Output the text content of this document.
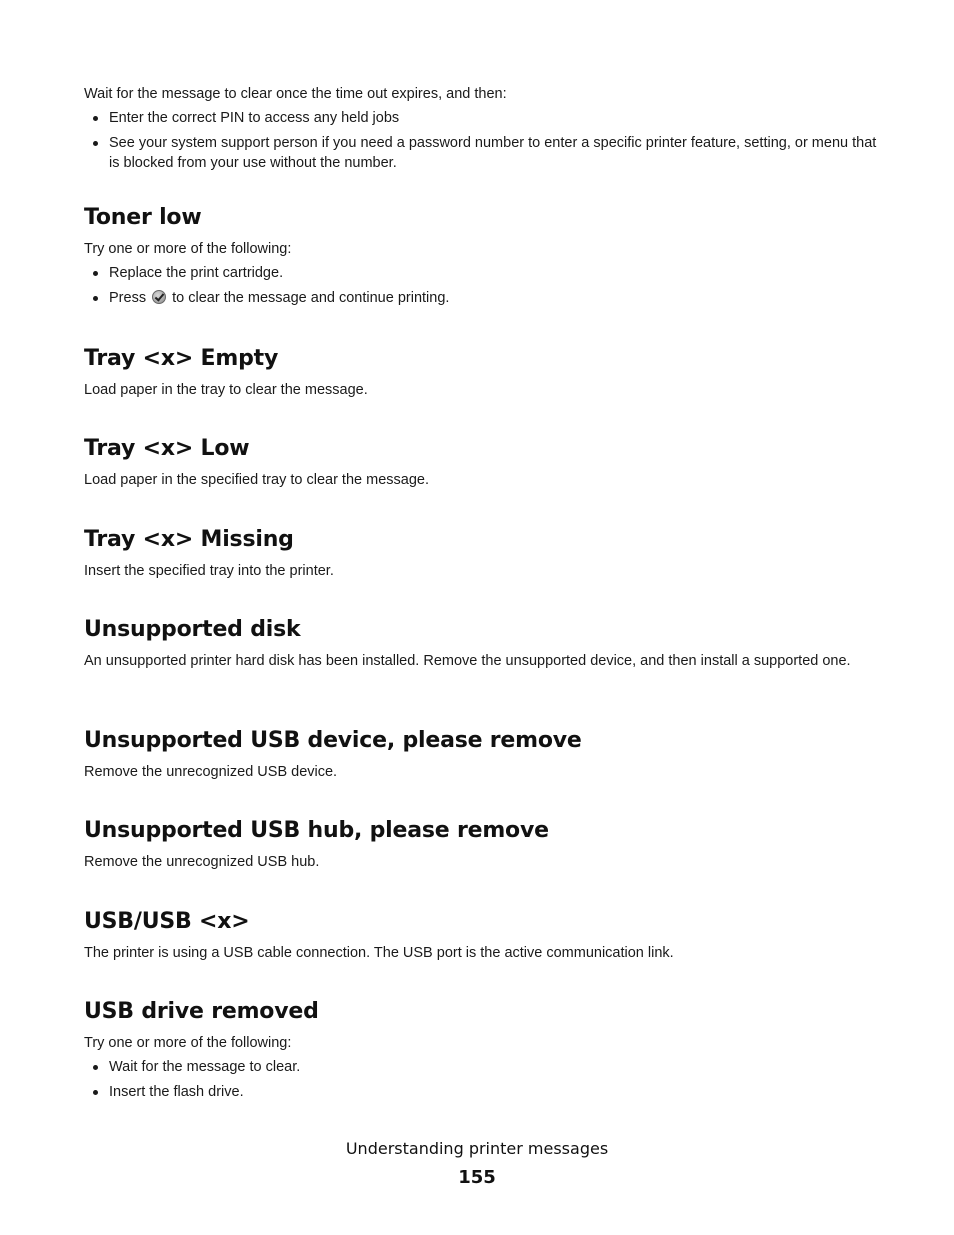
Wait for the message to clear once the time out expires, and then:

Enter the correct PIN to access any held jobs
See your system support person if you need a password number to enter a specific printer feature, setting, or menu that is blocked from your use without the number.
Toner low

Try one or more of the following:

Replace the print cartridge.
Press to clear the message and continue printing.
Tray <x> Empty

Load paper in the tray to clear the message.

Tray <x> Low

Load paper in the specified tray to clear the message.

Tray <x> Missing

Insert the specified tray into the printer.

Unsupported disk

An unsupported printer hard disk has been installed. Remove the unsupported device, and then install a supported one.

Unsupported USB device, please remove

Remove the unrecognized USB device.

Unsupported USB hub, please remove

Remove the unrecognized USB hub.

USB/USB <x>

The printer is using a USB cable connection. The USB port is the active communication link.

USB drive removed

Try one or more of the following:

Wait for the message to clear.
Insert the flash drive.
Understanding printer messages
155
